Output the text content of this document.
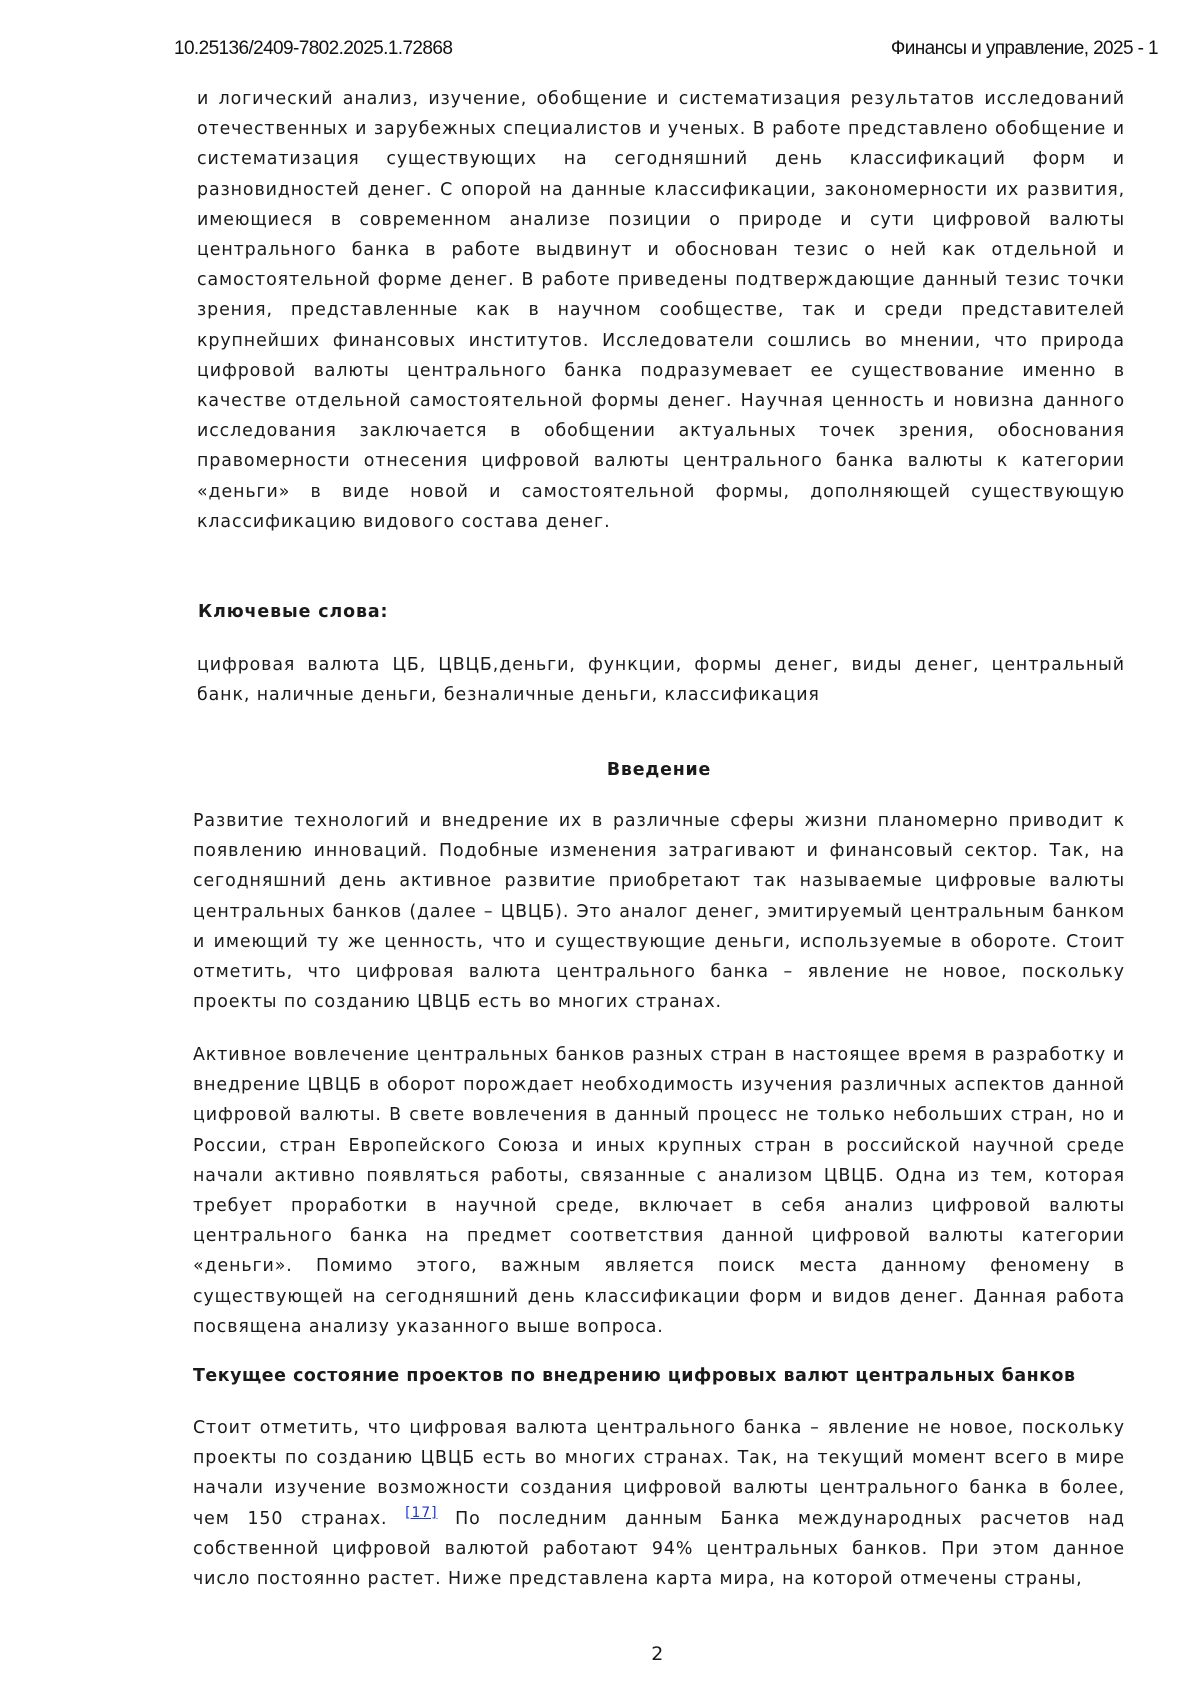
10.25136/2409-7802.2025.1.72868	Финансы и управление, 2025 - 1

и логический анализ, изучение, обобщение и систематизация результатов исследований отечественных и зарубежных специалистов и ученых. В работе представлено обобщение и систематизация существующих на сегодняшний день классификаций форм и разновидностей денег. С опорой на данные классификации, закономерности их развития, имеющиеся в современном анализе позиции о природе и сути цифровой валюты центрального банка в работе выдвинут и обоснован тезис о ней как отдельной и самостоятельной форме денег. В работе приведены подтверждающие данный тезис точки зрения, представленные как в научном сообществе, так и среди представителей крупнейших финансовых институтов. Исследователи сошлись во мнении, что природа цифровой валюты центрального банка подразумевает ее существование именно в качестве отдельной самостоятельной формы денег. Научная ценность и новизна данного исследования заключается в обобщении актуальных точек зрения, обоснования правомерности отнесения цифровой валюты центрального банка валюты к категории «деньги» в виде новой и самостоятельной формы, дополняющей существующую классификацию видового состава денег.

Ключевые слова:

цифровая валюта ЦБ, ЦВЦБ,деньги, функции, формы денег, виды денег, центральный банк, наличные деньги, безналичные деньги, классификация

Введение

Развитие технологий и внедрение их в различные сферы жизни планомерно приводит к появлению инноваций. Подобные изменения затрагивают и финансовый сектор. Так, на сегодняшний день активное развитие приобретают так называемые цифровые валюты центральных банков (далее – ЦВЦБ). Это аналог денег, эмитируемый центральным банком и имеющий ту же ценность, что и существующие деньги, используемые в обороте. Стоит отметить, что цифровая валюта центрального банка – явление не новое, поскольку проекты по созданию ЦВЦБ есть во многих странах.

Активное вовлечение центральных банков разных стран в настоящее время в разработку и внедрение ЦВЦБ в оборот порождает необходимость изучения различных аспектов данной цифровой валюты. В свете вовлечения в данный процесс не только небольших стран, но и России, стран Европейского Союза и иных крупных стран в российской научной среде начали активно появляться работы, связанные с анализом ЦВЦБ. Одна из тем, которая требует проработки в научной среде, включает в себя анализ цифровой валюты центрального банка на предмет соответствия данной цифровой валюты категории «деньги». Помимо этого, важным является поиск места данному феномену в существующей на сегодняшний день классификации форм и видов денег. Данная работа посвящена анализу указанного выше вопроса.

Текущее состояние проектов по внедрению цифровых валют центральных банков

Стоит отметить, что цифровая валюта центрального банка – явление не новое, поскольку проекты по созданию ЦВЦБ есть во многих странах. Так, на текущий момент всего в мире начали изучение возможности создания цифровой валюты центрального банка в более, чем 150 странах. [17] По последним данным Банка международных расчетов над собственной цифровой валютой работают 94% центральных банков. При этом данное число постоянно растет. Ниже представлена карта мира, на которой отмечены страны,

2
